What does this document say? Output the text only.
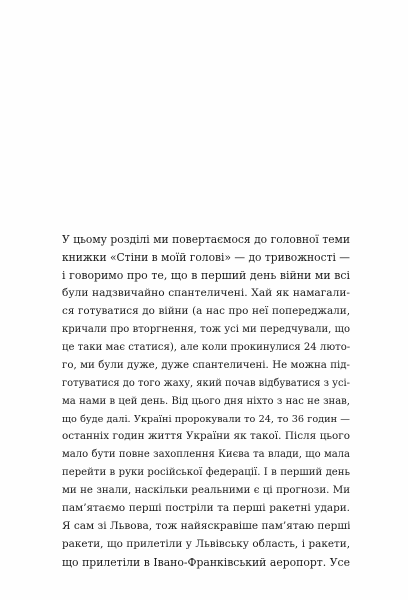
У цьому розділі ми повертаємося до головної теми
книжки «Стіни в моїй голові» — до тривожності —
і говоримо про те, що в перший день війни ми всі
були надзвичайно спантеличені. Хай як намагали-
ся готуватися до війни (а нас про неї попереджали,
кричали про вторгнення, тож усі ми передчували, що
це таки має статися), але коли прокинулися 24 люто-
го, ми були дуже, дуже спантеличені. Не можна під-
готуватися до того жаху, який почав відбуватися з усі-
ма нами в цей день. Від цього дня ніхто з нас не знав,
що буде далі. Україні пророкували то 24, то 36 годин —
останніх годин життя України як такої. Після цього
мало бути повне захоплення Києва та влади, що мала
перейти в руки російської федерації. І в перший день
ми не знали, наскільки реальними є ці прогнози. Ми
пам’ятаємо перші постріли та перші ракетні удари.
Я сам зі Львова, тож найяскравіше пам’ятаю перші
ракети, що прилетіли у Львівську область, і ракети,
що прилетіли в Івано-Франківський аеропорт. Усе
